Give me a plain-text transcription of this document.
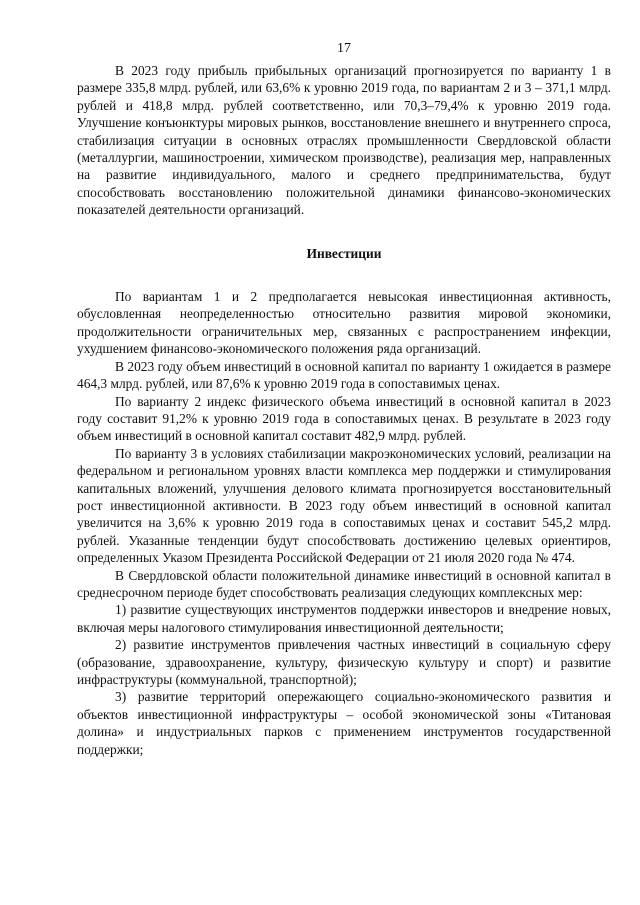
17

В 2023 году прибыль прибыльных организаций прогнозируется по варианту 1 в размере 335,8 млрд. рублей, или 63,6% к уровню 2019 года, по вариантам 2 и 3 – 371,1 млрд. рублей и 418,8 млрд. рублей соответственно, или 70,3–79,4% к уровню 2019 года. Улучшение конъюнктуры мировых рынков, восстановление внешнего и внутреннего спроса, стабилизация ситуации в основных отраслях промышленности Свердловской области (металлургии, машиностроении, химическом производстве), реализация мер, направленных на развитие индивидуального, малого и среднего предпринимательства, будут способствовать восстановлению положительной динамики финансово-экономических показателей деятельности организаций.

Инвестиции

По вариантам 1 и 2 предполагается невысокая инвестиционная активность, обусловленная неопределенностью относительно развития мировой экономики, продолжительности ограничительных мер, связанных с распространением инфекции, ухудшением финансово-экономического положения ряда организаций.

В 2023 году объем инвестиций в основной капитал по варианту 1 ожидается в размере 464,3 млрд. рублей, или 87,6% к уровню 2019 года в сопоставимых ценах.

По варианту 2 индекс физического объема инвестиций в основной капитал в 2023 году составит 91,2% к уровню 2019 года в сопоставимых ценах. В результате в 2023 году объем инвестиций в основной капитал составит 482,9 млрд. рублей.

По варианту 3 в условиях стабилизации макроэкономических условий, реализации на федеральном и региональном уровнях власти комплекса мер поддержки и стимулирования капитальных вложений, улучшения делового климата прогнозируется восстановительный рост инвестиционной активности. В 2023 году объем инвестиций в основной капитал увеличится на 3,6% к уровню 2019 года в сопоставимых ценах и составит 545,2 млрд. рублей. Указанные тенденции будут способствовать достижению целевых ориентиров, определенных Указом Президента Российской Федерации от 21 июля 2020 года № 474.

В Свердловской области положительной динамике инвестиций в основной капитал в среднесрочном периоде будет способствовать реализация следующих комплексных мер:

1) развитие существующих инструментов поддержки инвесторов и внедрение новых, включая меры налогового стимулирования инвестиционной деятельности;

2) развитие инструментов привлечения частных инвестиций в социальную сферу (образование, здравоохранение, культуру, физическую культуру и спорт) и развитие инфраструктуры (коммунальной, транспортной);

3) развитие территорий опережающего социально-экономического развития и объектов инвестиционной инфраструктуры – особой экономической зоны «Титановая долина» и индустриальных парков с применением инструментов государственной поддержки;
